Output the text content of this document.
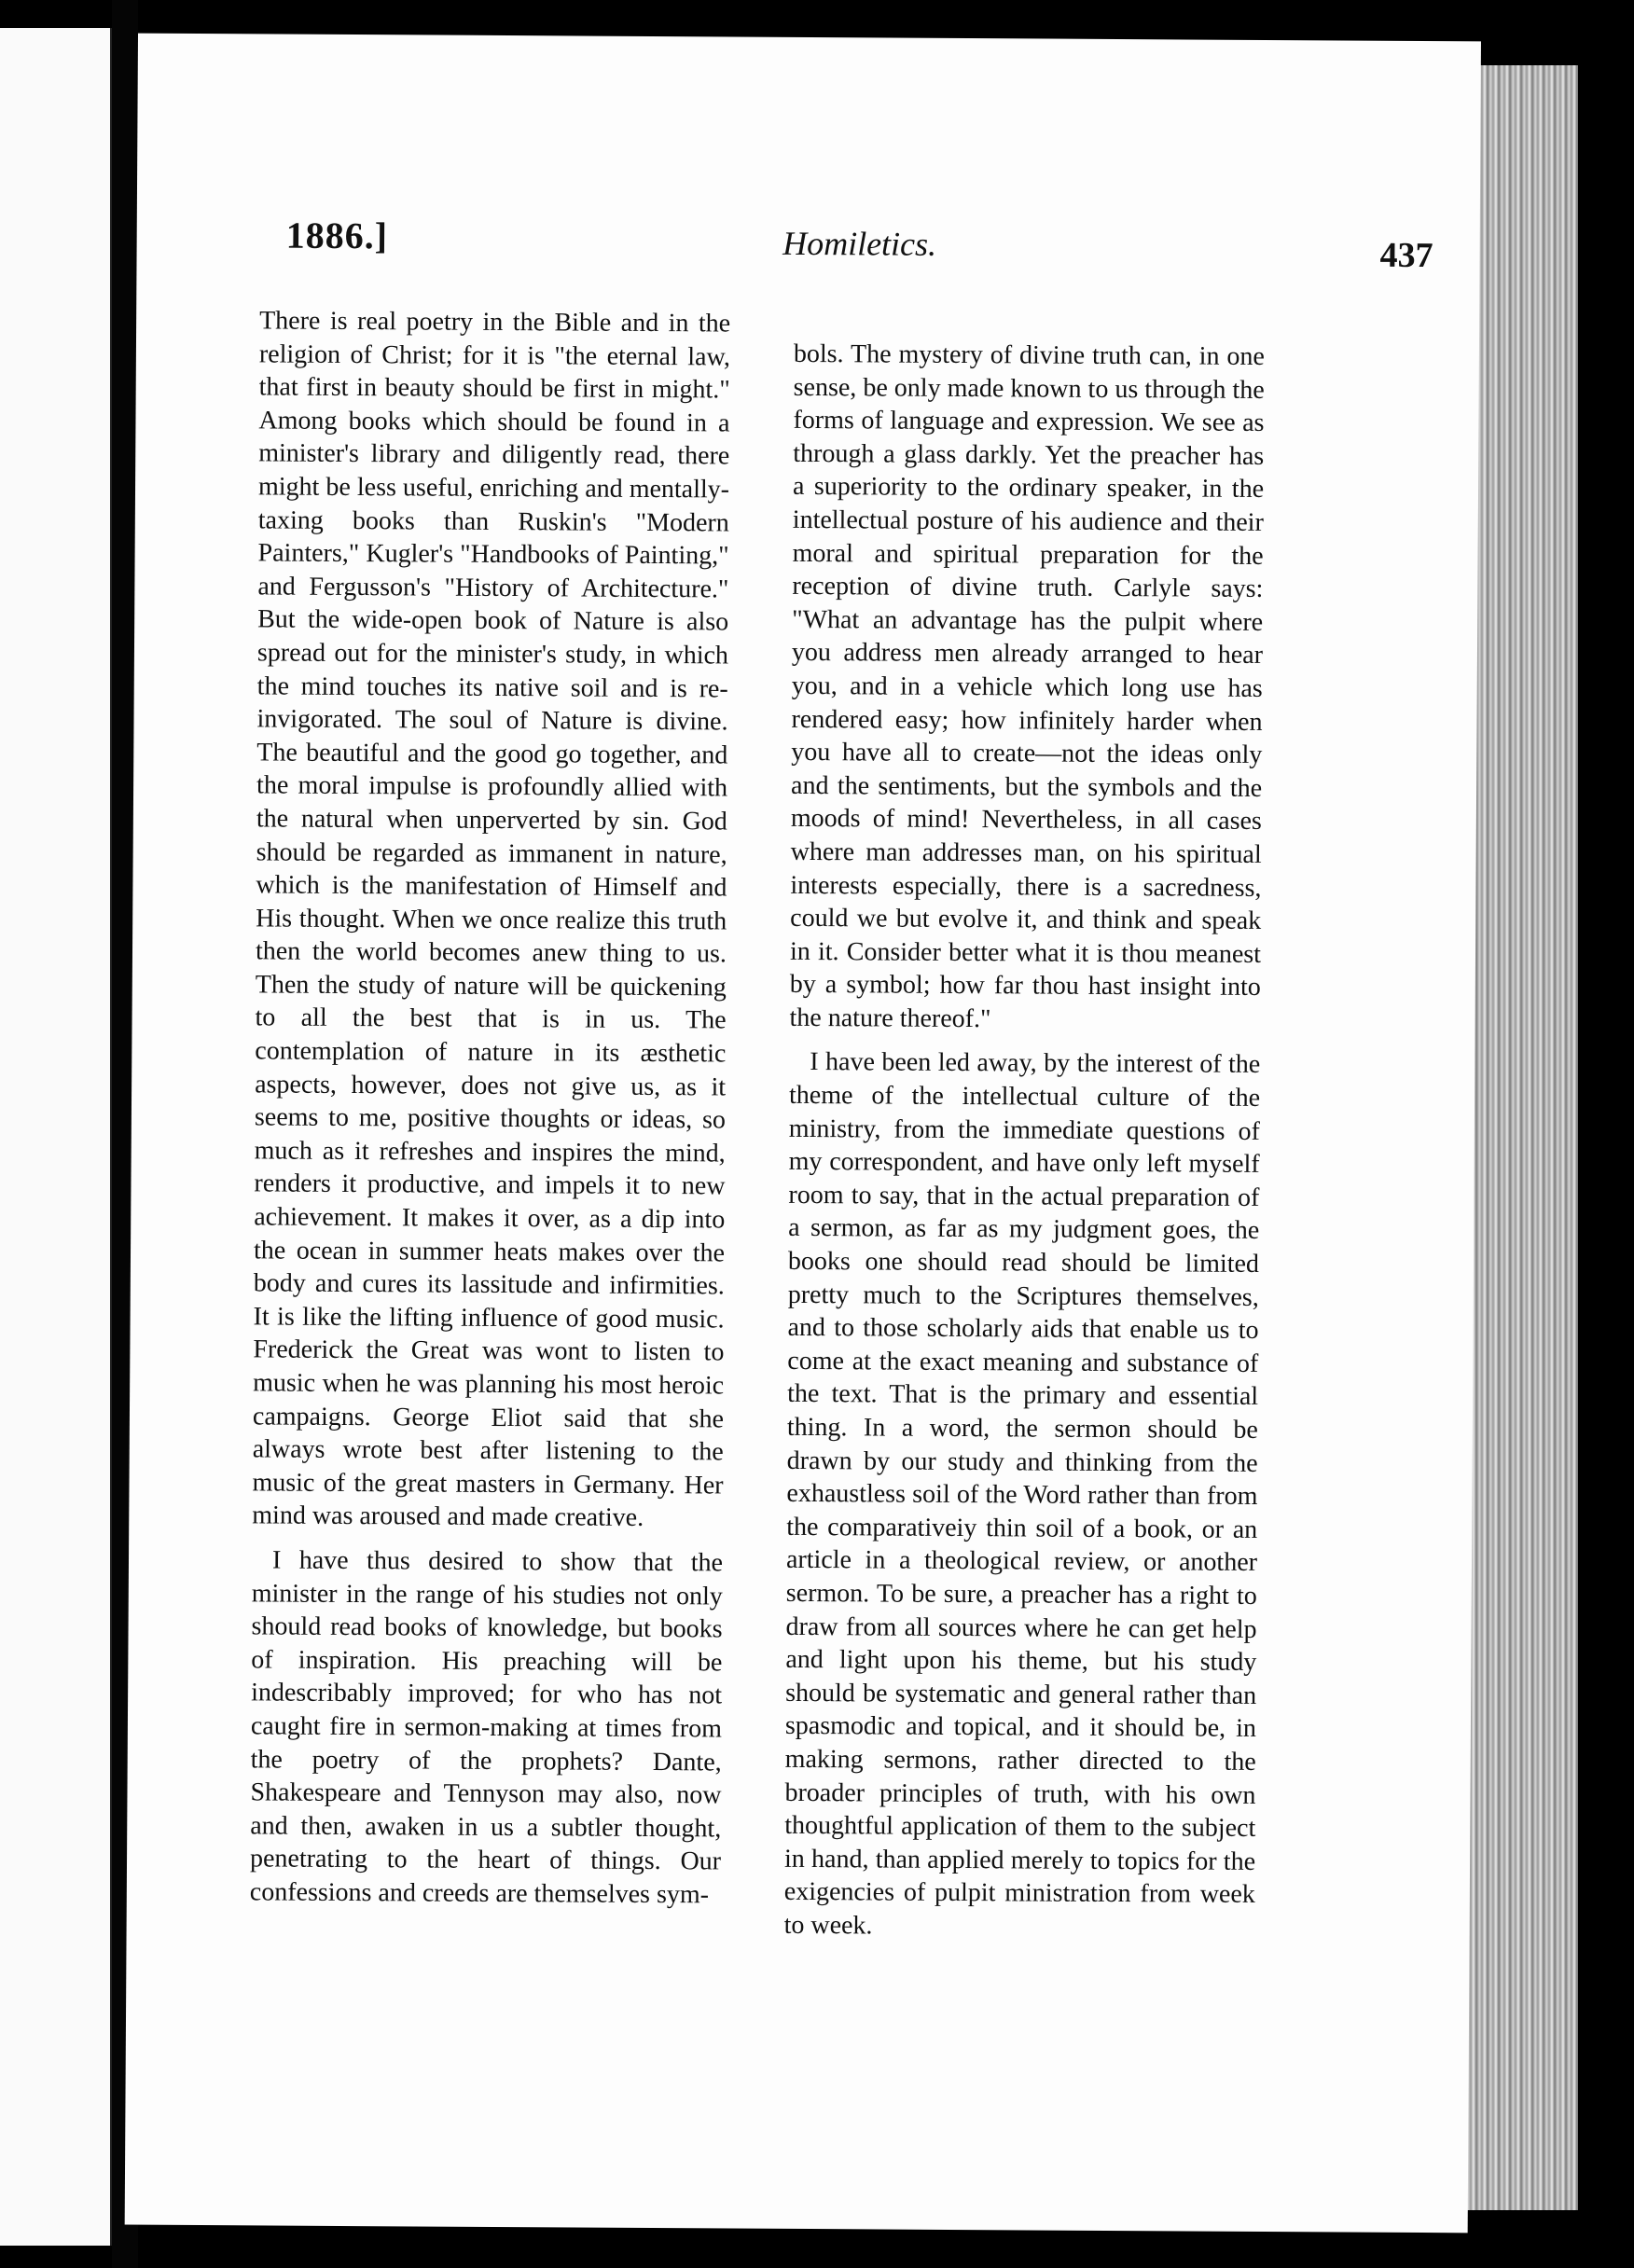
1886.]	Homiletics.	437

There is real poetry in the Bible and in the religion of Christ; for it is "the eternal law, that first in beauty should be first in might." Among books which should be found in a minister's library and diligently read, there might be less useful, enriching and mentally-taxing books than Ruskin's "Modern Painters," Kugler's "Handbooks of Painting," and Fergusson's "History of Architecture." But the wide-open book of Nature is also spread out for the minister's study, in which the mind touches its native soil and is re-invigorated. The soul of Nature is divine. The beautiful and the good go together, and the moral impulse is profoundly allied with the natural when unperverted by sin. God should be regarded as immanent in nature, which is the manifestation of Himself and His thought. When we once realize this truth then the world becomes anew thing to us. Then the study of nature will be quickening to all the best that is in us. The contemplation of nature in its æsthetic aspects, however, does not give us, as it seems to me, positive thoughts or ideas, so much as it refreshes and inspires the mind, renders it productive, and impels it to new achievement. It makes it over, as a dip into the ocean in summer heats makes over the body and cures its lassitude and infirmities. It is like the lifting influence of good music. Frederick the Great was wont to listen to music when he was planning his most heroic campaigns. George Eliot said that she always wrote best after listening to the music of the great masters in Germany. Her mind was aroused and made creative.

I have thus desired to show that the minister in the range of his studies not only should read books of knowledge, but books of inspiration. His preaching will be indescribably improved; for who has not caught fire in sermon-making at times from the poetry of the prophets? Dante, Shakespeare and Tennyson may also, now and then, awaken in us a subtler thought, penetrating to the heart of things. Our confessions and creeds are themselves sym-

bols. The mystery of divine truth can, in one sense, be only made known to us through the forms of language and expression. We see as through a glass darkly. Yet the preacher has a superiority to the ordinary speaker, in the intellectual posture of his audience and their moral and spiritual preparation for the reception of divine truth. Carlyle says: "What an advantage has the pulpit where you address men already arranged to hear you, and in a vehicle which long use has rendered easy; how infinitely harder when you have all to create—not the ideas only and the sentiments, but the symbols and the moods of mind! Nevertheless, in all cases where man addresses man, on his spiritual interests especially, there is a sacredness, could we but evolve it, and think and speak in it. Consider better what it is thou meanest by a symbol; how far thou hast insight into the nature thereof."

I have been led away, by the interest of the theme of the intellectual culture of the ministry, from the immediate questions of my correspondent, and have only left myself room to say, that in the actual preparation of a sermon, as far as my judgment goes, the books one should read should be limited pretty much to the Scriptures themselves, and to those scholarly aids that enable us to come at the exact meaning and substance of the text. That is the primary and essential thing. In a word, the sermon should be drawn by our study and thinking from the exhaustless soil of the Word rather than from the comparativeiy thin soil of a book, or an article in a theological review, or another sermon. To be sure, a preacher has a right to draw from all sources where he can get help and light upon his theme, but his study should be systematic and general rather than spasmodic and topical, and it should be, in making sermons, rather directed to the broader principles of truth, with his own thoughtful application of them to the subject in hand, than applied merely to topics for the exigencies of pulpit ministration from week to week.
